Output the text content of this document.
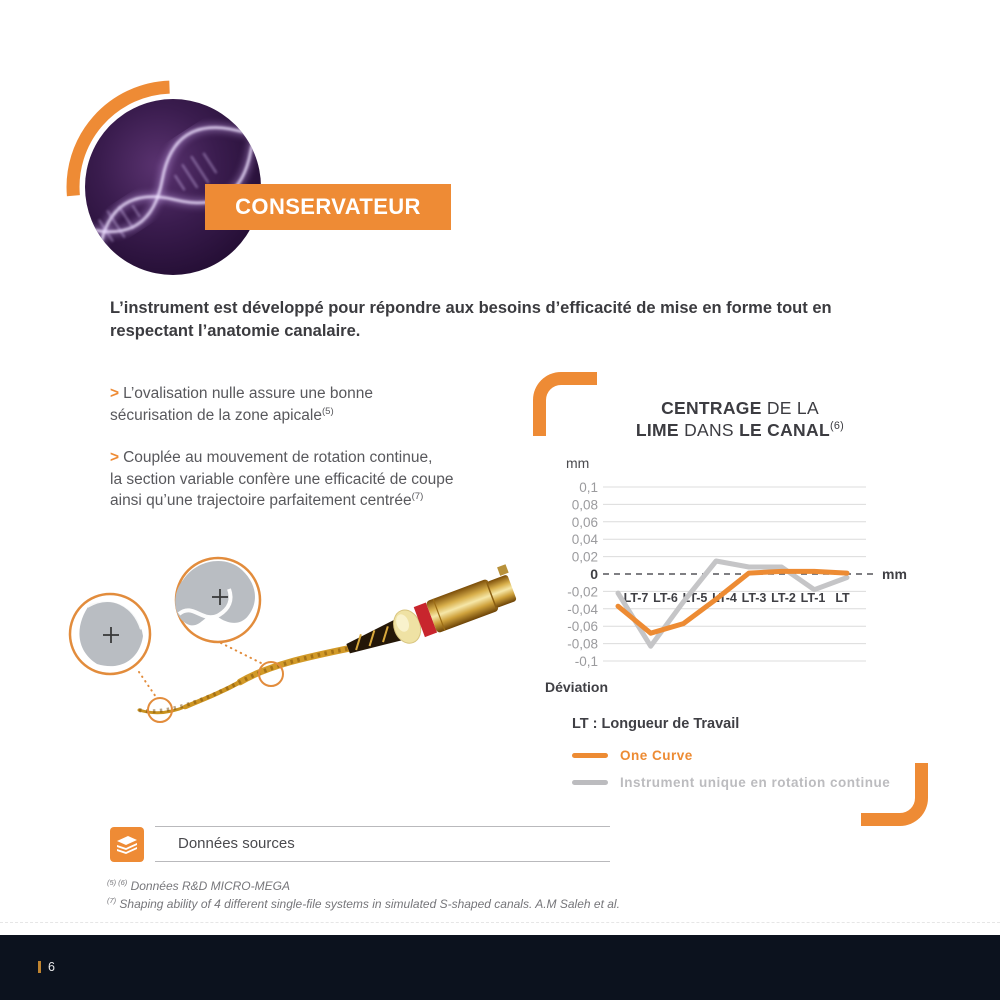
CONSERVATEUR
L’instrument est développé pour répondre aux besoins d’efficacité de mise en forme tout en
respectant l’anatomie canalaire.
> L’ovalisation nulle assure une bonne
sécurisation de la zone apicale$^{(5)}$
> Couplée au mouvement de rotation continue,
la section variable confère une efficacité de coupe
ainsi qu’une trajectoire parfaitement centrée$^{(7)}$
CENTRAGE DE LA
LIME DANS LE CANAL$^{(6)}$
mm
0,1
0,08
0,06
0,04
0,02
0	mm
-0,02
-0,04
-0,06
-0,08
-0,1
LT-7 LT-6 LT-5 LT-4 LT-3 LT-2 LT-1 LT
Déviation
LT : Longueur de Travail
One Curve
Instrument unique en rotation continue
Données sources
$^{(5) (6)}$ Données R&D MICRO-MEGA
$^{(7)}$ Shaping ability of 4 different single-file systems in simulated S-shaped canals. A.M Saleh et al.
6
